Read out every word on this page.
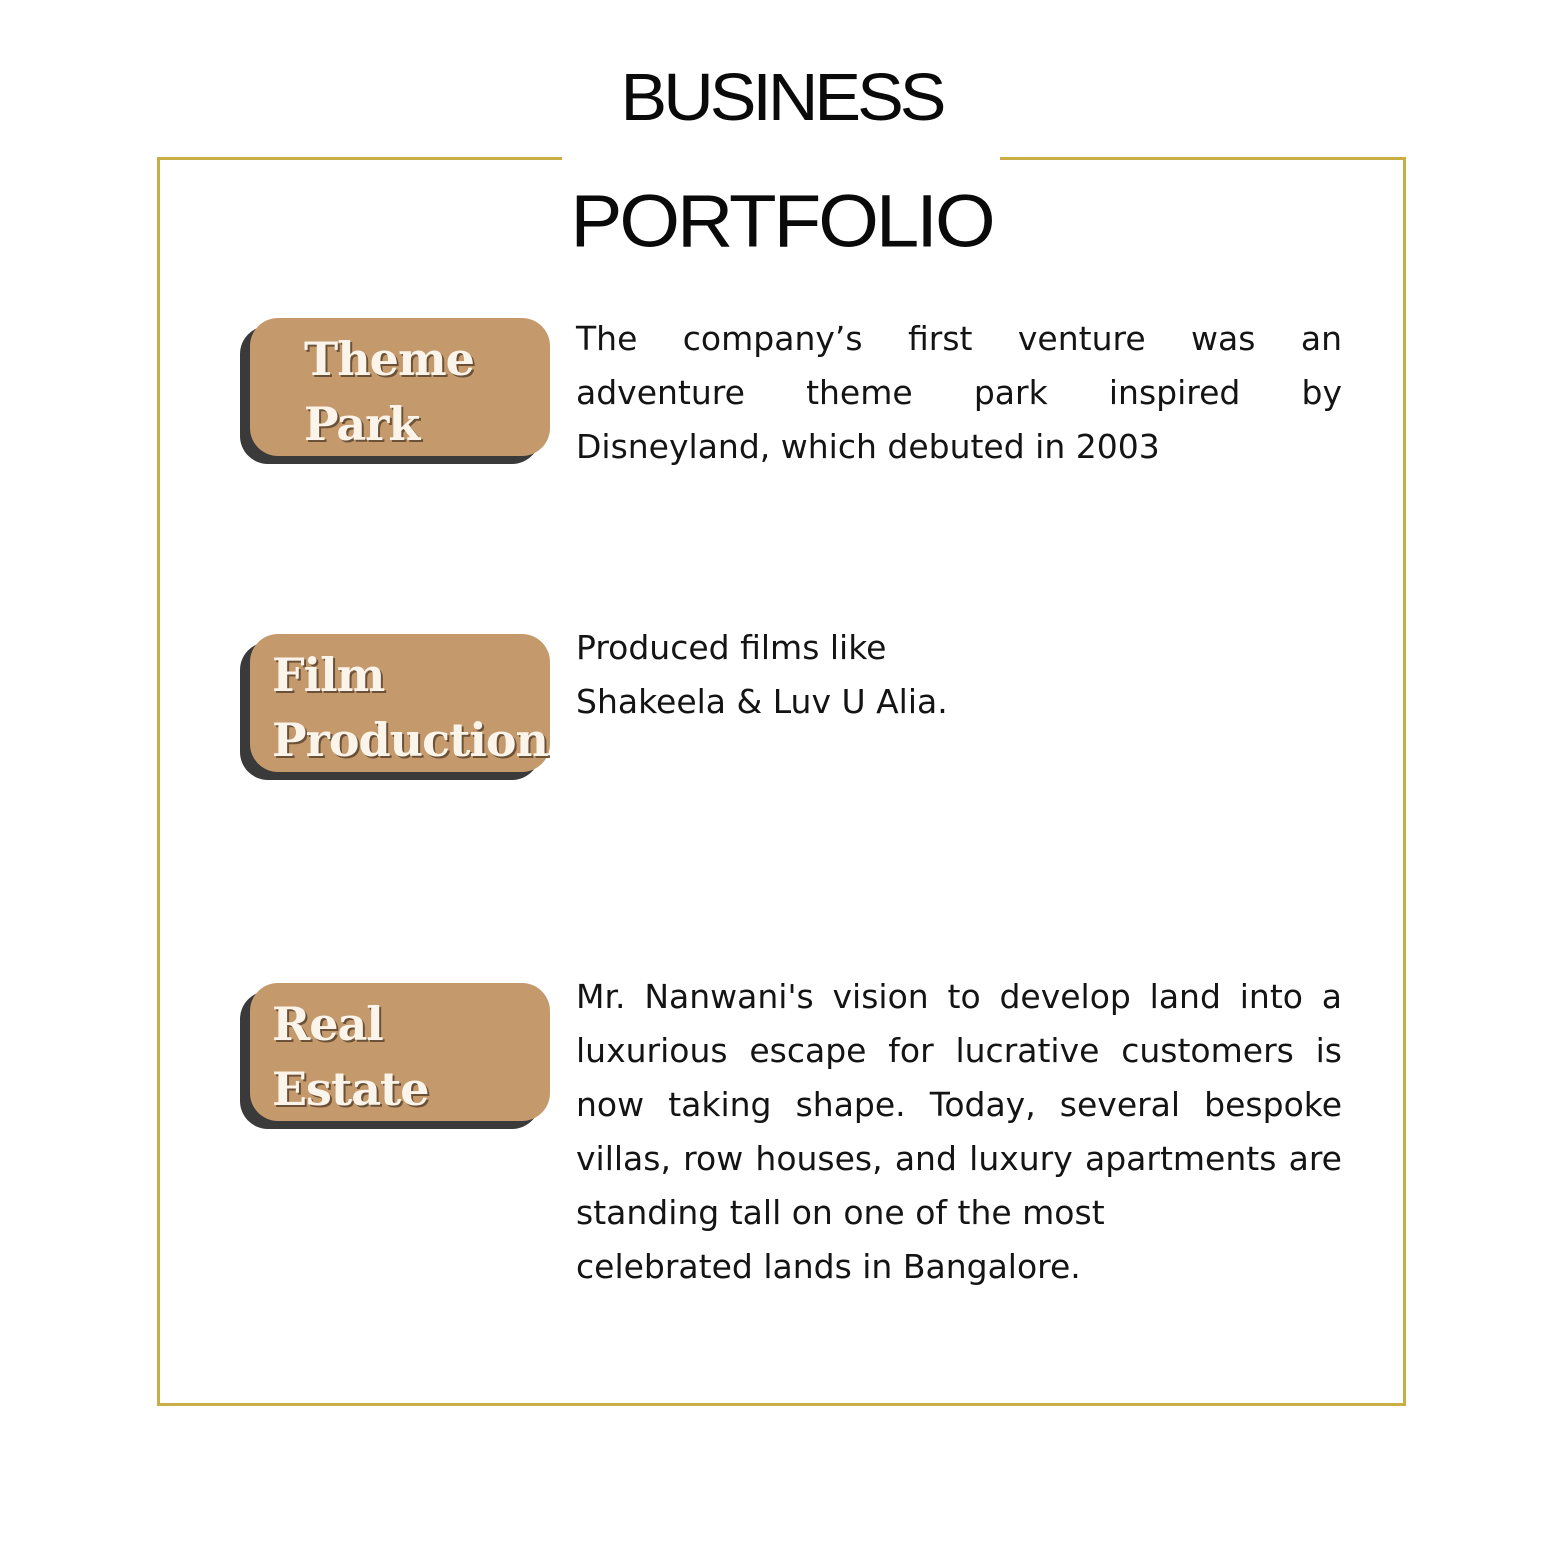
BUSINESS
PORTFOLIO
Theme
Park
The company’s first venture was an adventure theme park inspired by Disneyland, which debuted in 2003
Film
Production
Produced films like
Shakeela & Luv U Alia.
Real
Estate
Mr. Nanwani's vision to develop land into a luxurious escape for lucrative customers is now taking shape. Today, several bespoke villas, row houses, and luxury apartments are standing tall on one of the most
celebrated lands in Bangalore.
